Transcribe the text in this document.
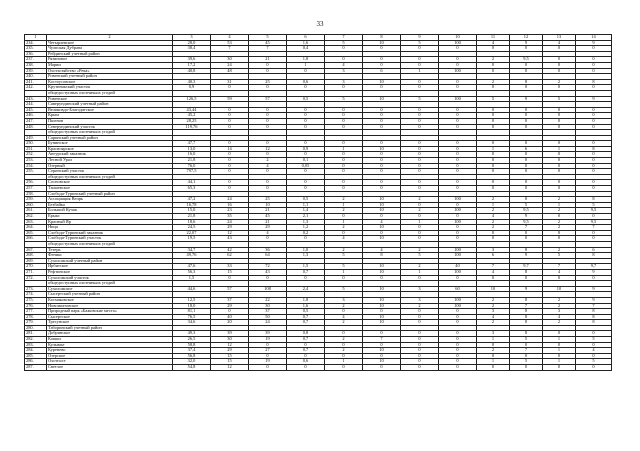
33
1	2	3	4	5	6	7	8	9	10	11	12	13	14
234.	Четырлевское	28,0	53	45	1,6	5	10	5	100	4	9	4	9
235.	Чулпская Дубрава	38,4	7	7	0,4	0	0	0	0	0	0	0	0
236.	Рейдинский учетный район												
237.	Рязиновое	39,6	30	21	1,8	0	0	0	0	2	9,5	0	0
238.	Марии	17,2	24	0	1	4	0	0	0	0	0	0	0
239.	Охотхозяйство «Река»	40,8	48	0	0	3	6	1	100	0	0	0	0
240.	Ровенский учетный район												
241.	Костоусовское	40,3	31	25	0,6	3	10	0	0	2	8	2	8
242.	Крутинакский участок	0,9	0	0	0	0	0	0	0	0	0	0	0
	общедоступных охотничьих угодий												
243.	Ровенское	126,5	59	57	0,5	5	10	5	100	5	9	5	9
244.	Саверундинский учетный район												
245.	Великовдо-Благодатское	43,44	0	0	0	0	0	0	0	0	0	0	0
246.	Крым	45,2	0	0	0	0	0	0	0	0	0	0	0
247.	Пшенов	28,25	0	0	0	0	0	0	0	0	0	0	0
248.	Северундинский участок	119,76	0	0	0	0	0	0	0	0	0	0	0
	общедоступных охотничьих угодий												
249.	Саринский учетный район												
250.	Бунинское	47,7	0	0	0	0	0	0	0	0	0	0	0
251.	Красноярское	13,0	14	12	0,9	1	10	0	0	1	6	1	8
252.	Ангурский заказник	16,0	0	0	0	0	0	0	0	0	0	0	0
253.	Лесной Урал	21,8	0	2	0,1	0	0	0	0	0	0	0	0
254.	Озерный	76,0	0	4	0,05	0	0	0	0	0	0	0	0
255.	Серинский участок	797,5	0	0	0	0	0	0	0	0	0	0	0
	общедоступных охотничьих угодий												
256.	Сосновское	44,1	0	0	0	0	0	0	0	0	0	0	0
257.	Ташаевское	65,3	0	0	0	0	0	0	0	0	0	0	0
258.	Слобода-Туринский учетный район												
259.	Ассоциация Вепрь	47,2	24	25	0,5	2	10	2	100	2	8	2	8
260.	Безбайка	16,78	16	10	1,1	1	10	0	0	1	5	1	5
261.	Большой Кучак	15,0	23	21	1,4	2	10	2	100	2	9,5	2	9,5
262.	Ерыкс	21,8	35	45	2,1	0	0	0	0	4	9	0	0
263.	Красный Яр	18,6	24	21	1,3	1	4	1	100	2	9,5	2	9,5
264.	Ница	24,5	29	29	1,2	2	10	0	0	2	7	2	7
265.	Слобода-Туринский заказник	22,07	12	4	0,2	0	0	0	0	0	0	0	0
266.	Слобода-Туринский участок	19,5	43	0	0	4	10	0	0	0	0	0	0
	общедоступных охотничьих угодий												
267.	Тетерь	34,7	42	36	1,0	2	4	2	100	3	8	2	6
268.	Феникс	49,76	62	64	1,3	5	8	5	100	6	9	5	8
269.	Сухоложский учетный район												
270.	Ирбитское	47,6	33	72	1,5	5	10	2	40	7	9,7	7	9,7
271.	Рефтинское	56,3	15	43	0,7	1	10	1	100	4	8	4	9
272.	Сухоложский участок	1,5	0	0	0	0	0	0	0	0	0	0	0
	общедоступных охотничьих угодий												
273.	Сухоложское	44,6	57	108	2,4	5	10	3	60	10	9	10	9
274.	Сысертский учетный район												
275.	Космаковское	12,5	37	22	1,8	3	10	3	100	2	8	2	9
276.	Новоипатовское	18,0	29	30	1,6	2	10	2	100	2	7	2	7
277.	Природный парк «Бажовские места»	81,1	0	37	0,5	0	0	0	0	3	8	3	8
278.	Сысертское	76,5	40	50	0,7	4	10	0	0	4	8	4	8
279.	Тресунское	34,6	20	24	0,7	2	10	0	0	2	8	2	8
280.	Таборинский учетный район												
281.	Добринское	49,3	39	39	0,8	0	0	0	0	3	8	0	0
282.	Кошки	26,5	30	19	0,7	2	7	0	0	1	5	1	5
283.	Кулымье	58,8	12	0	0	0	0	0	0	0	0	0	0
284.	Куренево	37,4	29	27	0,7	2	10	0	0	2	7	1	4
285.	Озерское	56,8	15	0	0	0	0	0	0	0	0	0	0
286.	Охотпост	32,0	15	19	0,6	1	10	0	0	1	5	1	5
287.	Светлое	54,8	12	0	0	0	0	0	0	0	0	0	0
